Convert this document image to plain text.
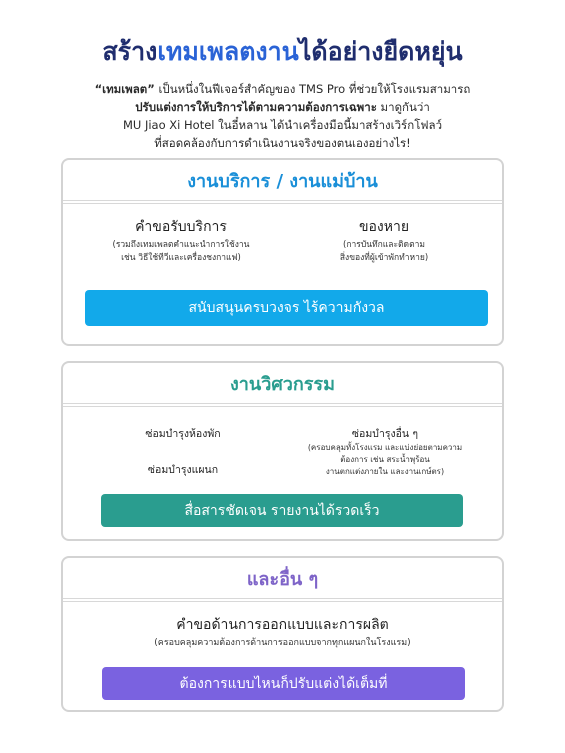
สร้างเทมเพลตงานได้อย่างยืดหยุ่น
“เทมเพลต” เป็นหนึ่งในฟีเจอร์สำคัญของ TMS Pro ที่ช่วยให้โรงแรมสามารถ
ปรับแต่งการให้บริการได้ตามความต้องการเฉพาะ มาดูกันว่า
MU Jiao Xi Hotel ในอี๋หลาน ได้นำเครื่องมือนี้มาสร้างเวิร์กโฟลว์
ที่สอดคล้องกับการดำเนินงานจริงของตนเองอย่างไร!
งานบริการ / งานแม่บ้าน
คำขอรับบริการ
(รวมถึงเทมเพลตคำแนะนำการใช้งาน
เช่น วิธีใช้ทีวีและเครื่องชงกาแฟ)
ของหาย
(การบันทึกและติดตาม
สิ่งของที่ผู้เข้าพักทำหาย)
สนับสนุนครบวงจร ไร้ความกังวล
งานวิศวกรรม
ซ่อมบำรุงห้องพัก
ซ่อมบำรุงแผนก
ซ่อมบำรุงอื่น ๆ
(ครอบคลุมทั้งโรงแรม และแบ่งย่อยตามความ
ต้องการ เช่น สระน้ำพุร้อน
งานตกแต่งภายใน และงานเกษ์ตร)
สื่อสารชัดเจน รายงานได้รวดเร็ว
และอื่น ๆ
คำขอด้านการออกแบบและการผลิต
(ครอบคลุมความต้องการด้านการออกแบบจากทุกแผนกในโรงแรม)
ต้องการแบบไหนก็ปรับแต่งได้เต็มที่
